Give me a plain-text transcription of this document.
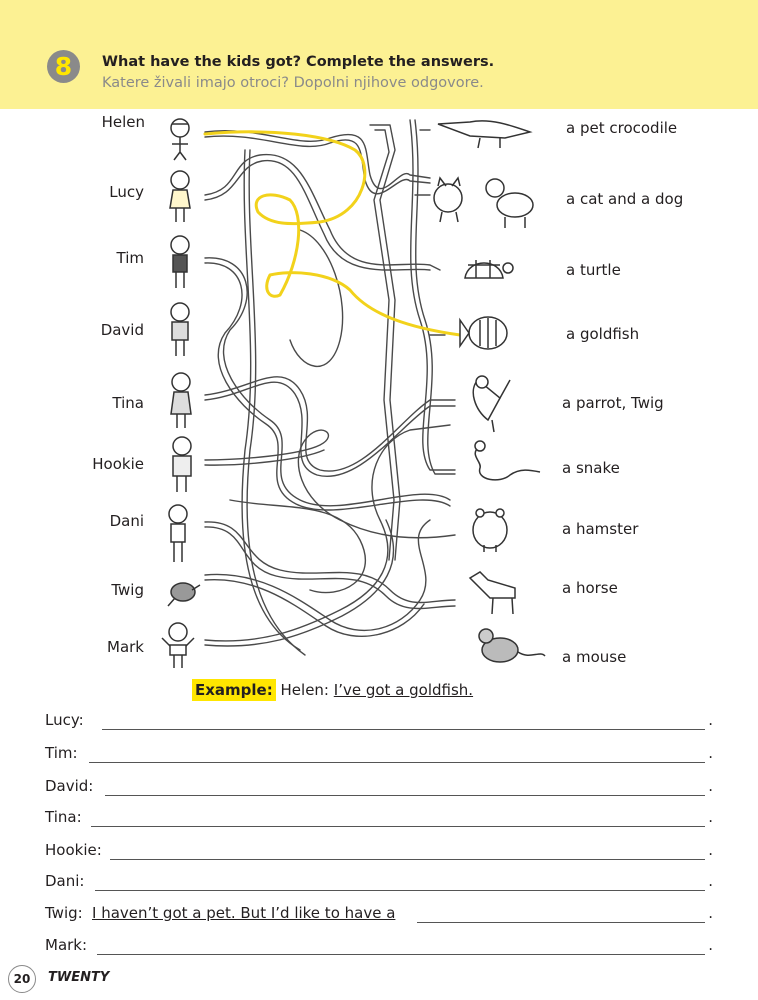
8	What have the kids got? Complete the answers.
Katere živali imajo otroci? Dopolni njihove odgovore.
Helen
Lucy
Tim
David
Tina
Hookie
Dani
Twig
Mark
a pet crocodile
a cat and a dog
a turtle
a goldfish
a parrot, Twig
a snake
a hamster
a horse
a mouse
Example: Helen: I’ve got a goldfish.
Lucy:	.
Tim:	.
David:	.
Tina:	.
Hookie:	.
Dani:	.
Twig: I haven’t got a pet. But I’d like to have a	.
Mark:	.
20	TWENTY
